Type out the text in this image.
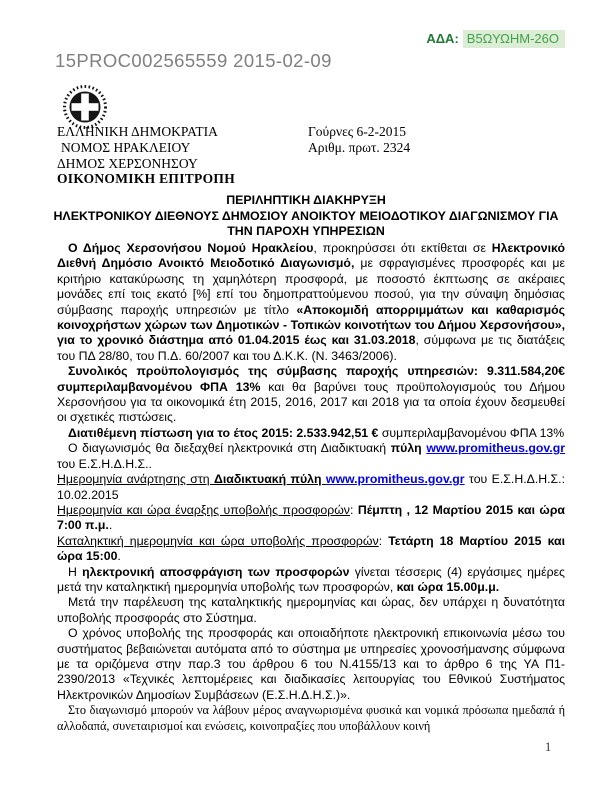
ΑΔΑ: Β5ΩΥΩΗΜ-26Ο
15PROC002565559 2015-02-09
ΕΛΛΗΝΙΚΗ ΔΗΜΟΚΡΑΤΙΑ
ΝΟΜΟΣ ΗΡΑΚΛΕΙΟΥ
ΔΗΜΟΣ ΧΕΡΣΟΝΗΣΟΥ
ΟΙΚΟΝΟΜΙΚΗ ΕΠΙΤΡΟΠΗ
Γούρνες 6-2-2015
Αριθμ. πρωτ. 2324
ΠΕΡΙΛΗΠΤΙΚΗ ΔΙΑΚΗΡΥΞΗ
ΗΛΕΚΤΡΟΝΙΚΟΥ ΔΙΕΘΝΟΥΣ ΔΗΜΟΣΙΟΥ ΑΝΟΙΚΤΟΥ ΜΕΙΟΔΟΤΙΚΟΥ ΔΙΑΓΩΝΙΣΜΟΥ ΓΙΑ ΤΗΝ ΠΑΡΟΧΗ ΥΠΗΡΕΣΙΩΝ

Ο Δήμος Χερσονήσου Νομού Ηρακλείου, προκηρύσσει ότι εκτίθεται σε Ηλεκτρονικό Διεθνή Δημόσιο Ανοικτό Μειοδοτικό Διαγωνισμό, με σφραγισμένες προσφορές και με κριτήριο κατακύρωσης τη χαμηλότερη προσφορά, με ποσοστό έκπτωσης σε ακέραιες μονάδες επί τοις εκατό [%] επί του δημοπραττούμενου ποσού, για την σύναψη δημόσιας σύμβασης παροχής υπηρεσιών με τίτλο «Αποκομιδή απορριμμάτων και καθαρισμός κοινοχρήστων χώρων των Δημοτικών - Τοπικών κοινοτήτων του Δήμου Χερσονήσου», για το χρονικό διάστημα από 01.04.2015 έως και 31.03.2018, σύμφωνα με τις διατάξεις του ΠΔ 28/80, του Π.Δ. 60/2007 και του Δ.Κ.Κ. (Ν. 3463/2006).

Συνολικός προϋπολογισμός της σύμβασης παροχής υπηρεσιών: 9.311.584,20€ συμπεριλαμβανομένου ΦΠΑ 13% και θα βαρύνει τους προϋπολογισμούς του Δήμου Χερσονήσου για τα οικονομικά έτη 2015, 2016, 2017 και 2018 για τα οποία έχουν δεσμευθεί οι σχετικές πιστώσεις.

Διατιθέμενη πίστωση για το έτος 2015: 2.533.942,51 € συμπεριλαμβανομένου ΦΠΑ 13%

Ο διαγωνισμός θα διεξαχθεί ηλεκτρονικά στη Διαδικτυακή πύλη www.promitheus.gov.gr του Ε.Σ.Η.Δ.Η.Σ..

Ημερομηνία ανάρτησης στη Διαδικτυακή πύλη www.promitheus.gov.gr του Ε.Σ.Η.Δ.Η.Σ.: 10.02.2015

Ημερομηνία και ώρα έναρξης υποβολής προσφορών: Πέμπτη , 12 Μαρτίου 2015 και ώρα 7:00 π.μ..

Καταληκτική ημερομηνία και ώρα υποβολής προσφορών: Τετάρτη 18 Μαρτίου 2015 και ώρα 15:00.

Η ηλεκτρονική αποσφράγιση των προσφορών γίνεται τέσσερις (4) εργάσιμες ημέρες μετά την καταληκτική ημερομηνία υποβολής των προσφορών, και ώρα 15.00μ.μ.

Μετά την παρέλευση της καταληκτικής ημερομηνίας και ώρας, δεν υπάρχει η δυνατότητα υποβολής προσφοράς στο Σύστημα.

Ο χρόνος υποβολής της προσφοράς και οποιαδήποτε ηλεκτρονική επικοινωνία μέσω του συστήματος βεβαιώνεται αυτόματα από το σύστημα με υπηρεσίες χρονοσήμανσης σύμφωνα με τα οριζόμενα στην παρ.3 του άρθρου 6 του Ν.4155/13 και το άρθρο 6 της ΥΑ Π1-2390/2013 «Τεχνικές λεπτομέρειες και διαδικασίες λειτουργίας του Εθνικού Συστήματος Ηλεκτρονικών Δημοσίων Συμβάσεων (Ε.Σ.Η.Δ.Η.Σ.)».

Στο διαγωνισμό μπορούν να λάβουν μέρος αναγνωρισμένα φυσικά και νομικά πρόσωπα ημεδαπά ή αλλοδαπά, συνεταιρισμοί και ενώσεις, κοινοπραξίες που υποβάλλουν κοινή

1
